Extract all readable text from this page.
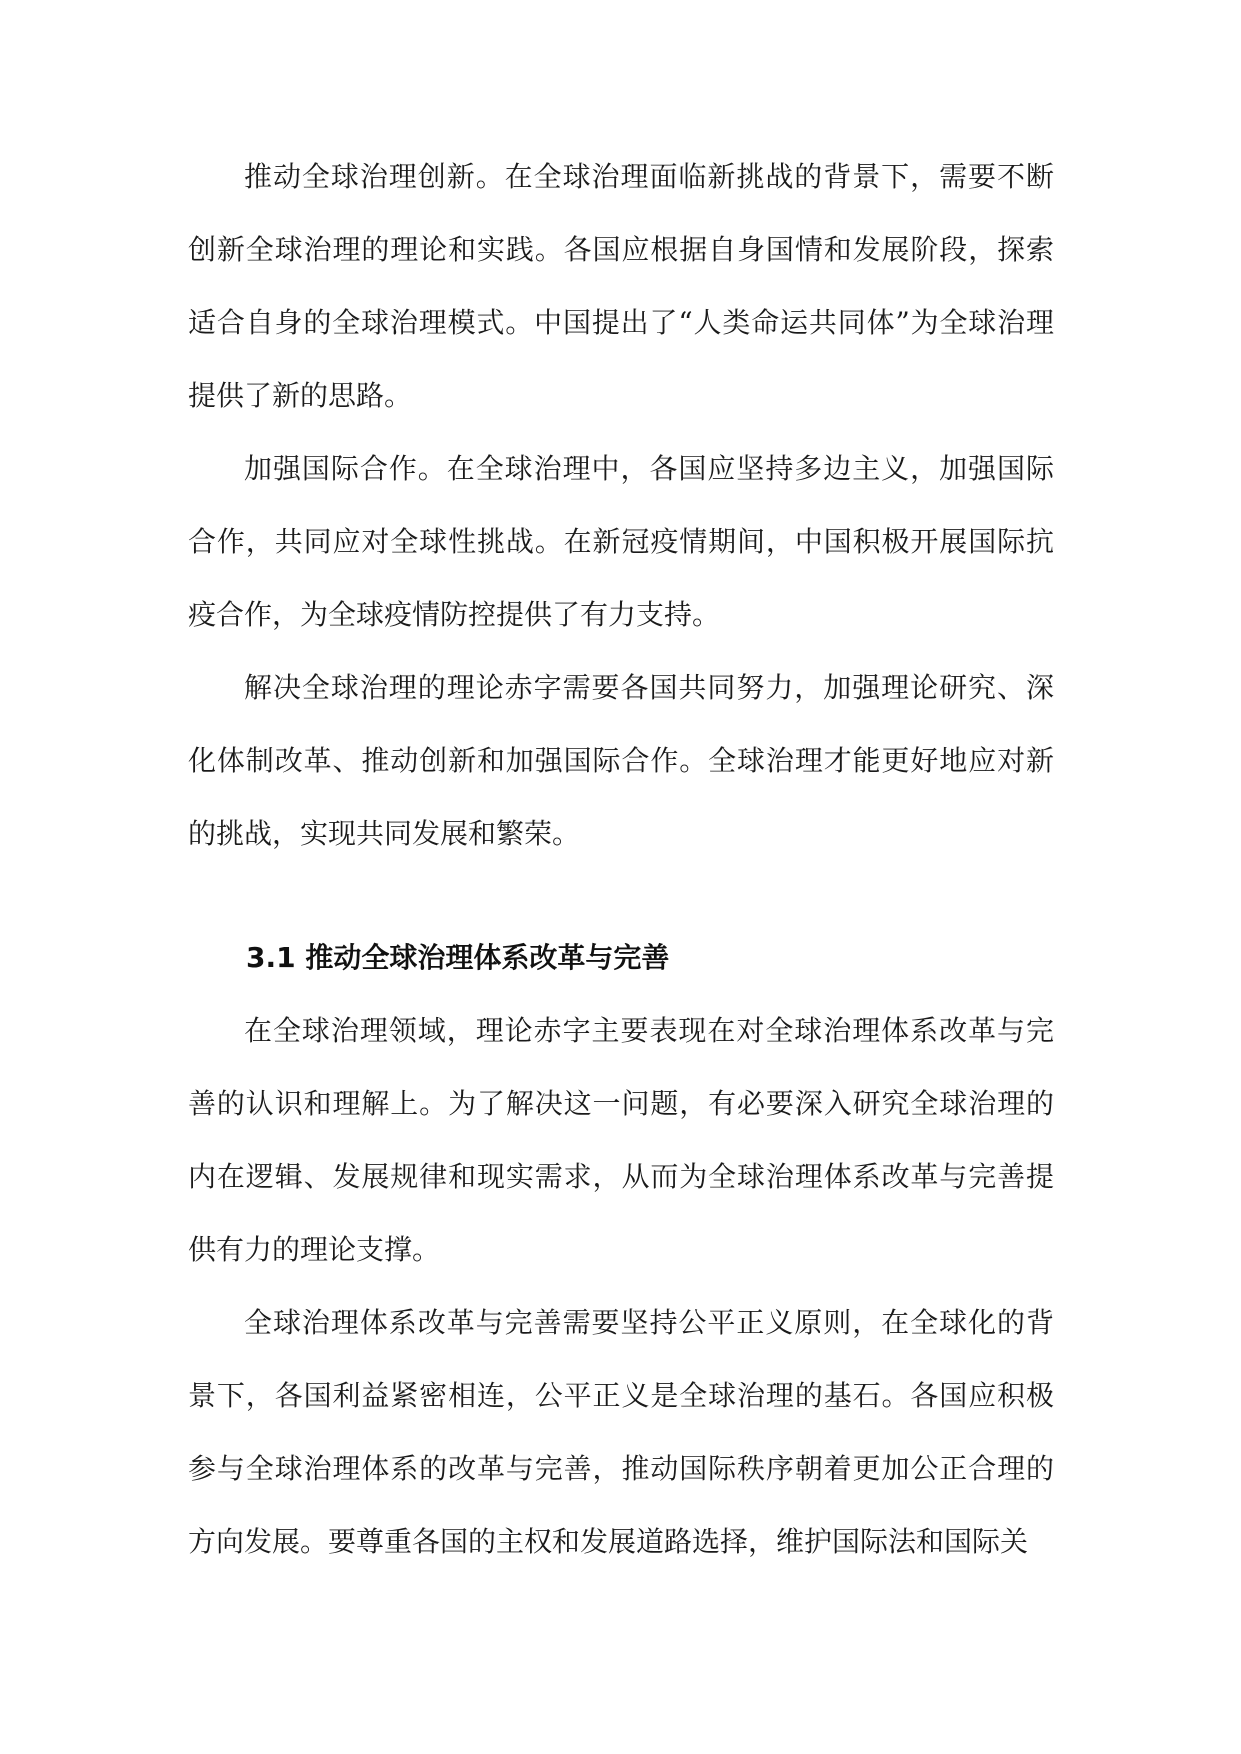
推动全球治理创新。在全球治理面临新挑战的背景下，需要不断创新全球治理的理论和实践。各国应根据自身国情和发展阶段，探索适合自身的全球治理模式。中国提出了“人类命运共同体”为全球治理提供了新的思路。

加强国际合作。在全球治理中，各国应坚持多边主义，加强国际合作，共同应对全球性挑战。在新冠疫情期间，中国积极开展国际抗疫合作，为全球疫情防控提供了有力支持。

解决全球治理的理论赤字需要各国共同努力，加强理论研究、深化体制改革、推动创新和加强国际合作。全球治理才能更好地应对新的挑战，实现共同发展和繁荣。

3.1 推动全球治理体系改革与完善

在全球治理领域，理论赤字主要表现在对全球治理体系改革与完善的认识和理解上。为了解决这一问题，有必要深入研究全球治理的内在逻辑、发展规律和现实需求，从而为全球治理体系改革与完善提供有力的理论支撑。

全球治理体系改革与完善需要坚持公平正义原则，在全球化的背景下，各国利益紧密相连，公平正义是全球治理的基石。各国应积极参与全球治理体系的改革与完善，推动国际秩序朝着更加公正合理的方向发展。要尊重各国的主权和发展道路选择，维护国际法和国际关
